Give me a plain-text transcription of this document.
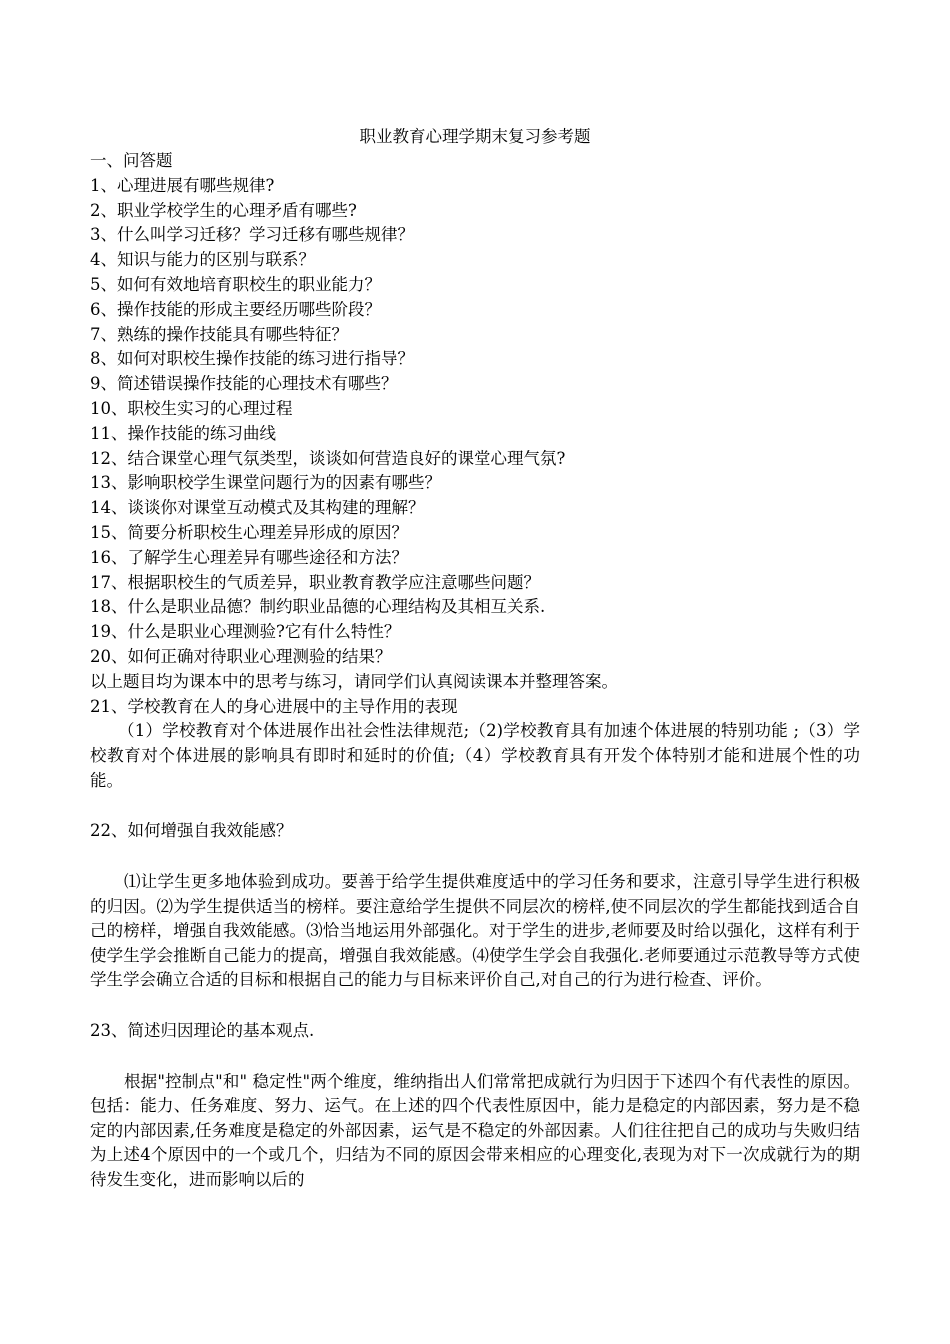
职业教育心理学期末复习参考题

一、问答题

1、心理进展有哪些规律?

2、职业学校学生的心理矛盾有哪些?

3、什么叫学习迁移？学习迁移有哪些规律？

4、知识与能力的区别与联系？

5、如何有效地培育职校生的职业能力？

6、操作技能的形成主要经历哪些阶段？

7、熟练的操作技能具有哪些特征？

8、如何对职校生操作技能的练习进行指导？

9、简述错误操作技能的心理技术有哪些？

10、职校生实习的心理过程

11、操作技能的练习曲线

12、结合课堂心理气氛类型，谈谈如何营造良好的课堂心理气氛?

13、影响职校学生课堂问题行为的因素有哪些？

14、谈谈你对课堂互动模式及其构建的理解？

15、简要分析职校生心理差异形成的原因？

16、了解学生心理差异有哪些途径和方法？

17、根据职校生的气质差异，职业教育教学应注意哪些问题？

18、什么是职业品德？制约职业品德的心理结构及其相互关系.

19、什么是职业心理测验?它有什么特性？

20、如何正确对待职业心理测验的结果？

以上题目均为课本中的思考与练习，请同学们认真阅读课本并整理答案。

21、学校教育在人的身心进展中的主导作用的表现

（1）学校教育对个体进展作出社会性法律规范;（2)学校教育具有加速个体进展的特别功能 ;（3）学校教育对个体进展的影响具有即时和延时的价值;（4）学校教育具有开发个体特别才能和进展个性的功能。

22、如何增强自我效能感？

⑴让学生更多地体验到成功。要善于给学生提供难度适中的学习任务和要求，注意引导学生进行积极的归因。⑵为学生提供适当的榜样。要注意给学生提供不同层次的榜样,使不同层次的学生都能找到适合自己的榜样，增强自我效能感。⑶恰当地运用外部强化。对于学生的进步,老师要及时给以强化，这样有利于使学生学会推断自己能力的提高，增强自我效能感。⑷使学生学会自我强化.老师要通过示范教导等方式使学生学会确立合适的目标和根据自己的能力与目标来评价自己,对自己的行为进行检查、评价。

23、简述归因理论的基本观点.

根据"控制点"和" 稳定性"两个维度，维纳指出人们常常把成就行为归因于下述四个有代表性的原因。包括：能力、任务难度、努力、运气。在上述的四个代表性原因中，能力是稳定的内部因素，努力是不稳定的内部因素,任务难度是稳定的外部因素，运气是不稳定的外部因素。人们往往把自己的成功与失败归结为上述4个原因中的一个或几个，归结为不同的原因会带来相应的心理变化,表现为对下一次成就行为的期待发生变化，进而影响以后的
